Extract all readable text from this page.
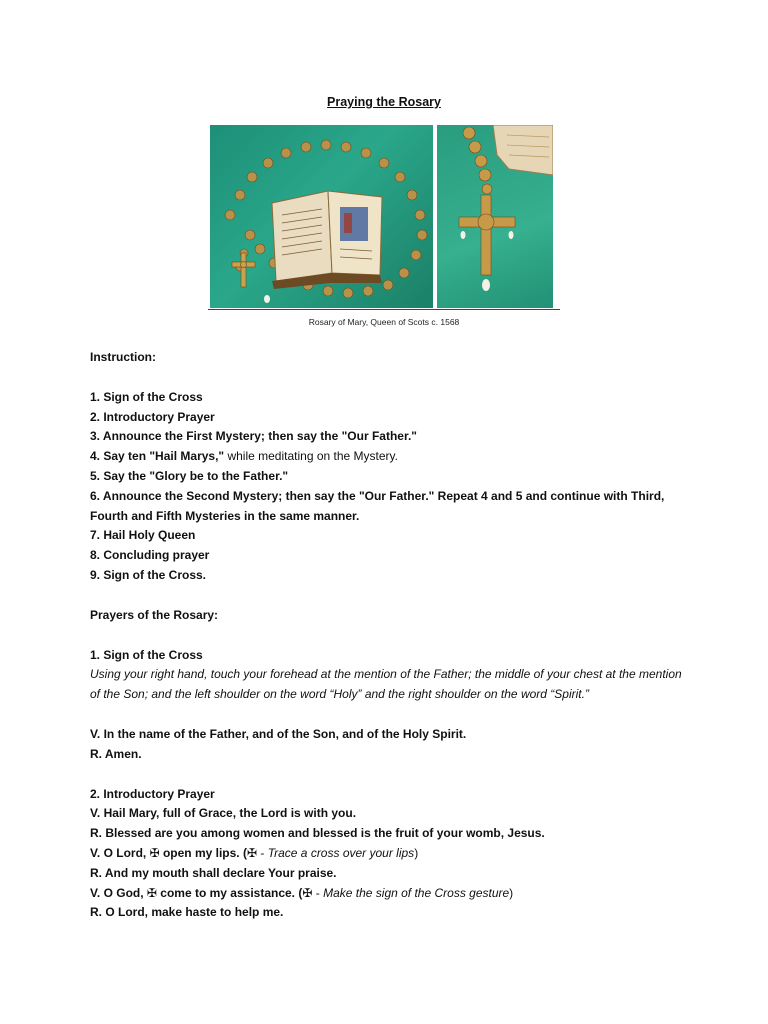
Praying the Rosary
Rosary of Mary, Queen of Scots c. 1568

Instruction:

1. Sign of the Cross

2. Introductory Prayer

3. Announce the First Mystery; then say the "Our Father."

4. Say ten "Hail Marys," while meditating on the Mystery.

5. Say the "Glory be to the Father."

6. Announce the Second Mystery; then say the "Our Father." Repeat 4 and 5 and continue with Third, Fourth and Fifth Mysteries in the same manner.

7. Hail Holy Queen

8. Concluding prayer

9. Sign of the Cross.

Prayers of the Rosary:

1. Sign of the Cross

Using your right hand, touch your forehead at the mention of the Father; the middle of your chest at the mention of the Son; and the left shoulder on the word “Holy” and the right shoulder on the word “Spirit.”

V. In the name of the Father, and of the Son, and of the Holy Spirit.

R. Amen.

2. Introductory Prayer

V. Hail Mary, full of Grace, the Lord is with you.

R. Blessed are you among women and blessed is the fruit of your womb, Jesus.

V. O Lord, ✠ open my lips. (✠ - Trace a cross over your lips)

R. And my mouth shall declare Your praise.

V. O God, ✠ come to my assistance. (✠ - Make the sign of the Cross gesture)

R. O Lord, make haste to help me.
